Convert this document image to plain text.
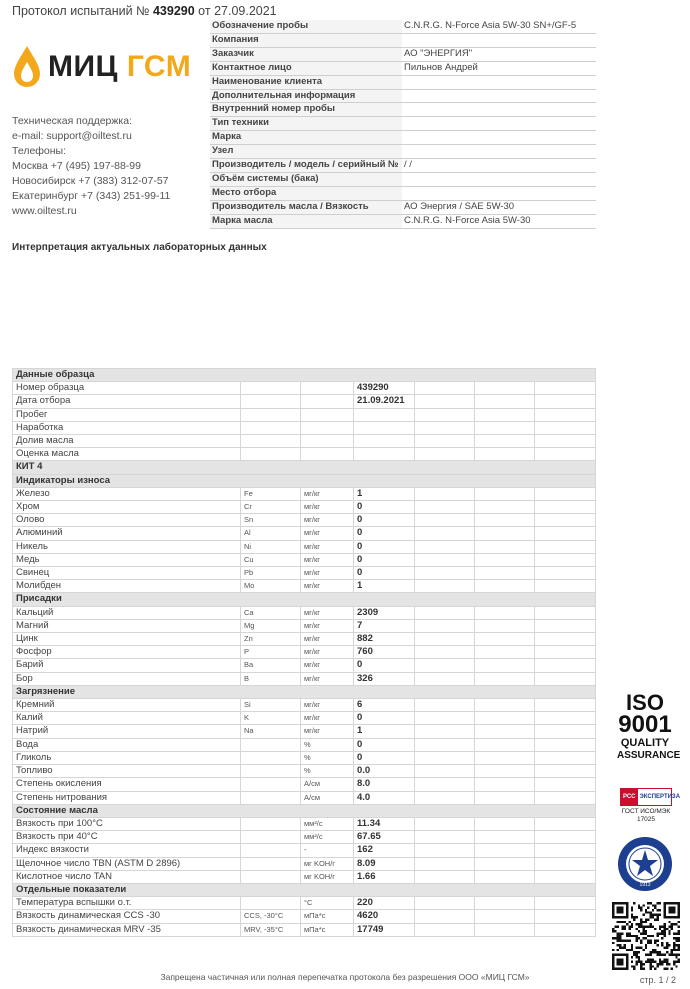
Протокол испытаний № 439290 от 27.09.2021
МИЦ ГСМ
Техническая поддержка:
e-mail: support@oiltest.ru
Телефоны:
Москва +7 (495) 197-88-99
Новосибирск +7 (383) 312-07-57
Екатеринбург +7 (343) 251-99-11
www.oiltest.ru
Обозначение пробы	C.N.R.G. N-Force Asia 5W-30 SN+/GF-5
Компания	
Заказчик	АО "ЭНЕРГИЯ"
Контактное лицо	Пильнов Андрей
Наименование клиента	
Дополнительная информация	
Внутренний номер пробы	
Тип техники	
Марка	
Узел	
Производитель / модель / серийный №	/ /
Объём системы (бака)	
Место отбора	
Производитель масла / Вязкость	АО Энергия / SAE 5W-30
Марка масла	C.N.R.G. N-Force Asia 5W-30
Интерпретация актуальных лабораторных данных
Данные образца						
Номер образца			439290			
Дата отбора			21.09.2021			
Пробег						
Наработка						
Долив масла						
Оценка масла						
КИТ 4						
Индикаторы износа						
Железо	Fe	мг/кг	1			
Хром	Cr	мг/кг	0			
Олово	Sn	мг/кг	0			
Алюминий	Al	мг/кг	0			
Никель	Ni	мг/кг	0			
Медь	Cu	мг/кг	0			
Свинец	Pb	мг/кг	0			
Молибден	Mo	мг/кг	1			
Присадки						
Кальций	Ca	мг/кг	2309			
Магний	Mg	мг/кг	7			
Цинк	Zn	мг/кг	882			
Фосфор	P	мг/кг	760			
Барий	Ba	мг/кг	0			
Бор	B	мг/кг	326			
Загрязнение						
Кремний	Si	мг/кг	6			
Калий	K	мг/кг	0			
Натрий	Na	мг/кг	1			
Вода		%	0			
Гликоль		%	0			
Топливо		%	0.0			
Степень окисления		А/см	8.0			
Степень нитрования		А/см	4.0			
Состояние масла						
Вязкость при 100°C		мм²/с	11.34			
Вязкость при 40°C		мм²/с	67.65			
Индекс вязкости		-	162			
Щелочное число TBN (ASTM D 2896)		мг KOH/г	8.09			
Кислотное число TAN		мг KOH/г	1.66			
Отдельные показатели						
Температура вспышки о.т.		°C	220			
Вязкость динамическая CCS -30	CCS, -30°C	мПа*с	4620			
Вязкость динамическая MRV -35	MRV, -35°C	мПа*с	17749			
ISO
9001
QUALITY
ASSURANCE
РСС ЭКСПЕРТИЗА
ГОСТ ИСО/МЭК
17025
1913
Запрещена частичная или полная перепечатка протокола без разрешения ООО «МИЦ ГСМ»	стр. 1 / 2
